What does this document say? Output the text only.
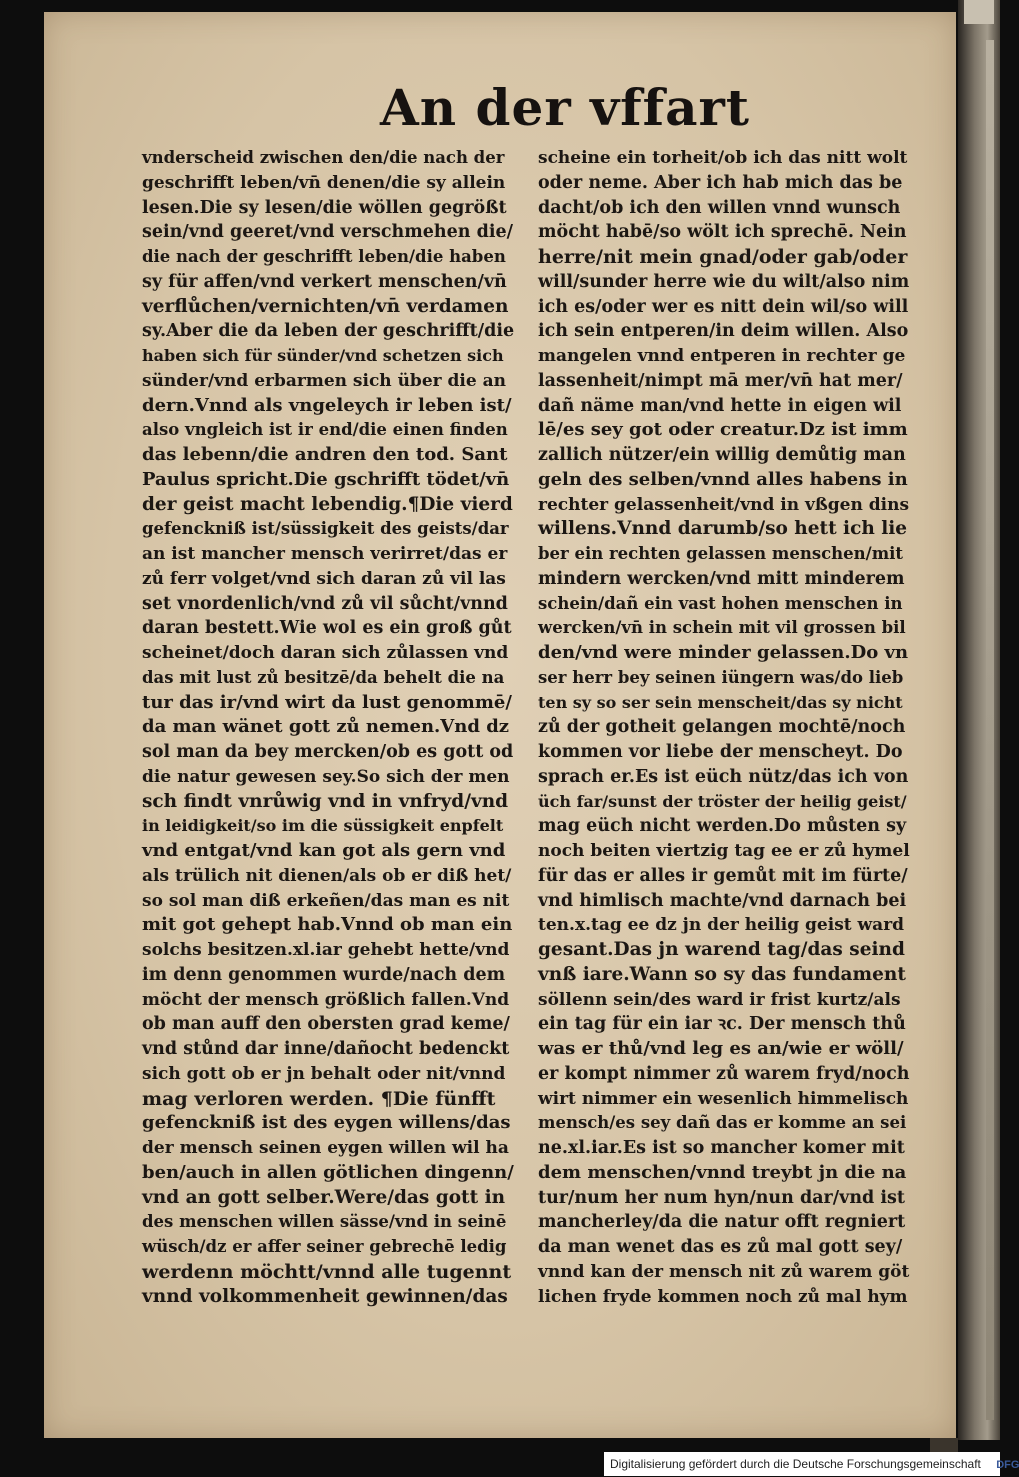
An der vffart
vnderscheid zwischen den/die nach der
geschrifft leben/vn̄ denen/die sy allein
lesen.Die sy lesen/die wöllen gegrößt
sein/vnd geeret/vnd verschmehen die/
die nach der geschrifft leben/die haben
sy für affen/vnd verkert menschen/vn̄
verflůchen/vernichten/vn̄ verdamen
sy.Aber die da leben der geschrifft/die
haben sich für sünder/vnd schetzen sich
sünder/vnd erbarmen sich über die an
dern.Vnnd als vngeleych ir leben ist/
also vngleich ist ir end/die einen finden
das lebenn/die andren den tod. Sant
Paulus spricht.Die gschrifft tödet/vn̄
der geist macht lebendig.¶Die vierd
gefenckniß ist/süssigkeit des geists/dar
an ist mancher mensch verirret/das er
zů ferr volget/vnd sich daran zů vil las
set vnordenlich/vnd zů vil sůcht/vnnd
daran bestett.Wie wol es ein groß gůt
scheinet/doch daran sich zůlassen vnd
das mit lust zů besitzē/da behelt die na
tur das ir/vnd wirt da lust genommē/
da man wänet gott zů nemen.Vnd dz
sol man da bey mercken/ob es gott od
die natur gewesen sey.So sich der men
sch findt vnrůwig vnd in vnfryd/vnd
in leidigkeit/so im die süssigkeit enpfelt
vnd entgat/vnd kan got als gern vnd
als trülich nit dienen/als ob er diß het/
so sol man diß erkeñen/das man es nit
mit got gehept hab.Vnnd ob man ein
solchs besitzen.xl.iar gehebt hette/vnd
im denn genommen wurde/nach dem
möcht der mensch größlich fallen.Vnd
ob man auff den obersten grad keme/
vnd stůnd dar inne/dañocht bedenckt
sich gott ob er jn behalt oder nit/vnnd
mag verloren werden. ¶Die fünfft
gefenckniß ist des eygen willens/das
der mensch seinen eygen willen wil ha
ben/auch in allen götlichen dingenn/
vnd an gott selber.Were/das gott in
des menschen willen sässe/vnd in seinē
wüsch/dz er affer seiner gebrechē ledig
werdenn möchtt/vnnd alle tugennt
vnnd volkommenheit gewinnen/das
scheine ein torheit/ob ich das nitt wolt
oder neme. Aber ich hab mich das be
dacht/ob ich den willen vnnd wunsch
möcht habē/so wölt ich sprechē. Nein
herre/nit mein gnad/oder gab/oder
will/sunder herre wie du wilt/also nim
ich es/oder wer es nitt dein wil/so will
ich sein entperen/in deim willen. Also
mangelen vnnd entperen in rechter ge
lassenheit/nimpt mā mer/vn̄ hat mer/
dañ näme man/vnd hette in eigen wil
lē/es sey got oder creatur.Dz ist imm
zallich nützer/ein willig demůtig man
geln des selben/vnnd alles habens in
rechter gelassenheit/vnd in vßgen dins
willens.Vnnd darumb/so hett ich lie
ber ein rechten gelassen menschen/mit
mindern wercken/vnd mitt minderem
schein/dañ ein vast hohen menschen in
wercken/vn̄ in schein mit vil grossen bil
den/vnd were minder gelassen.Do vn
ser herr bey seinen iüngern was/do lieb
ten sy so ser sein menscheit/das sy nicht
zů der gotheit gelangen mochtē/noch
kommen vor liebe der menscheyt. Do
sprach er.Es ist eüch nütz/das ich von
üch far/sunst der tröster der heilig geist/
mag eüch nicht werden.Do můsten sy
noch beiten viertzig tag ee er zů hymel
für das er alles ir gemůt mit im fürte/
vnd himlisch machte/vnd darnach bei
ten.x.tag ee dz jn der heilig geist ward
gesant.Das jn warend tag/das seind
vnß iare.Wann so sy das fundament
söllenn sein/des ward ir frist kurtz/als
ein tag für ein iar ꝛc. Der mensch thů
was er thů/vnd leg es an/wie er wöll/
er kompt nimmer zů warem fryd/noch
wirt nimmer ein wesenlich himmelisch
mensch/es sey dañ das er komme an sei
ne.xl.iar.Es ist so mancher komer mit
dem menschen/vnnd treybt jn die na
tur/num her num hyn/nun dar/vnd ist
mancherley/da die natur offt regniert
da man wenet das es zů mal gott sey/
vnnd kan der mensch nit zů warem göt
lichen fryde kommen noch zů mal hym
Digitalisierung gefördert durch die Deutsche Forschungsgemeinschaft DFG
